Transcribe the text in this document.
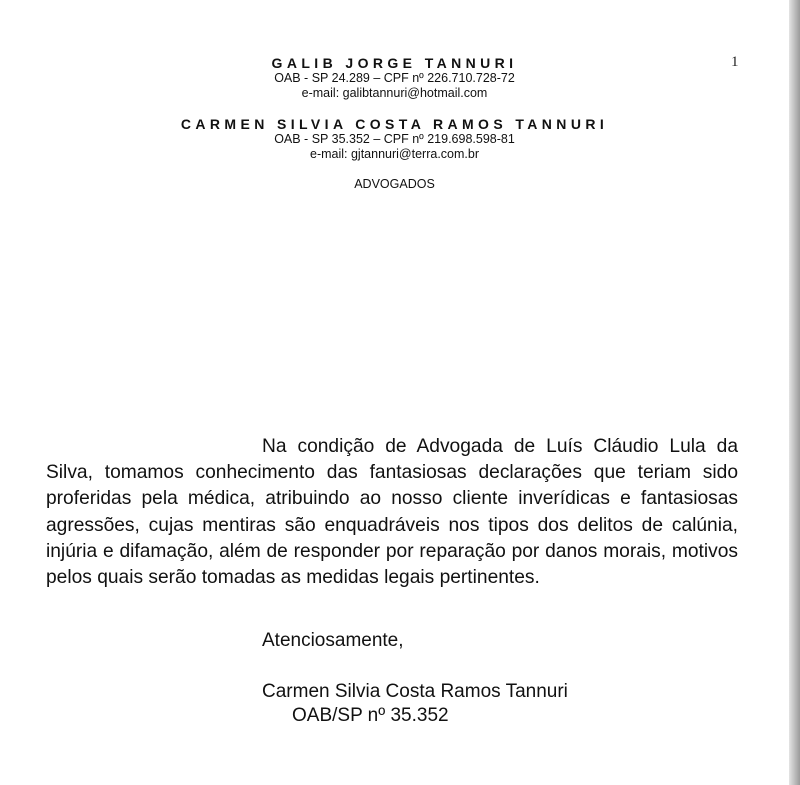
1
GALIB JORGE TANNURI
OAB - SP 24.289 – CPF nº 226.710.728-72
e-mail: galibtannuri@hotmail.com
CARMEN SILVIA COSTA RAMOS TANNURI
OAB - SP 35.352 – CPF nº 219.698.598-81
e-mail: gjtannuri@terra.com.br
ADVOGADOS
Na condição de Advogada de Luís Cláudio Lula da Silva, tomamos conhecimento das fantasiosas declarações que teriam sido proferidas pela médica, atribuindo ao nosso cliente inverídicas e fantasiosas agressões, cujas mentiras são enquadráveis nos tipos dos delitos de calúnia, injúria e difamação, além de responder por reparação por danos morais, motivos pelos quais serão tomadas as medidas legais pertinentes.
Atenciosamente,
Carmen Silvia Costa Ramos Tannuri
OAB/SP nº 35.352
